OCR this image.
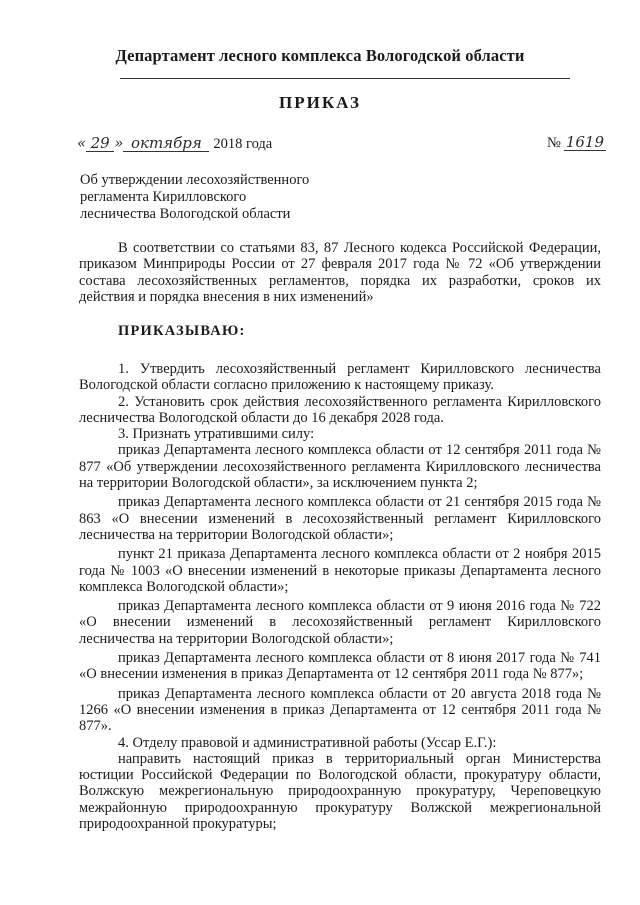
Департамент лесного комплекса Вологодской области
ПРИКАЗ
« 29 » октября 2018 года	№ 1619
Об утверждении лесохозяйственного
регламента Кирилловского
лесничества Вологодской области

В соответствии со статьями 83, 87 Лесного кодекса Российской Федерации, приказом Минприроды России от 27 февраля 2017 года № 72 «Об утверждении состава лесохозяйственных регламентов, порядка их разработки, сроков их действия и порядка внесения в них изменений»

ПРИКАЗЫВАЮ:

1. Утвердить лесохозяйственный регламент Кирилловского лесничества Вологодской области согласно приложению к настоящему приказу.

2. Установить срок действия лесохозяйственного регламента Кирилловского лесничества Вологодской области до 16 декабря 2028 года.

3. Признать утратившими силу:

приказ Департамента лесного комплекса области от 12 сентября 2011 года № 877 «Об утверждении лесохозяйственного регламента Кирилловского лесничества на территории Вологодской области», за исключением пункта 2;

приказ Департамента лесного комплекса области от 21 сентября 2015 года № 863 «О внесении изменений в лесохозяйственный регламент Кирилловского лесничества на территории Вологодской области»;

пункт 21 приказа Департамента лесного комплекса области от 2 ноября 2015 года № 1003 «О внесении изменений в некоторые приказы Департамента лесного комплекса Вологодской области»;

приказ Департамента лесного комплекса области от 9 июня 2016 года № 722 «О внесении изменений в лесохозяйственный регламент Кирилловского лесничества на территории Вологодской области»;

приказ Департамента лесного комплекса области от 8 июня 2017 года № 741 «О внесении изменения в приказ Департамента от 12 сентября 2011 года № 877»;

приказ Департамента лесного комплекса области от 20 августа 2018 года № 1266 «О внесении изменения в приказ Департамента от 12 сентября 2011 года № 877».

4. Отделу правовой и административной работы (Уссар Е.Г.):

направить настоящий приказ в территориальный орган Министерства юстиции Российской Федерации по Вологодской области, прокуратуру области, Волжскую межрегиональную природоохранную прокуратуру, Череповецкую межрайонную природоохранную прокуратуру Волжской межрегиональной природоохранной прокуратуры;
